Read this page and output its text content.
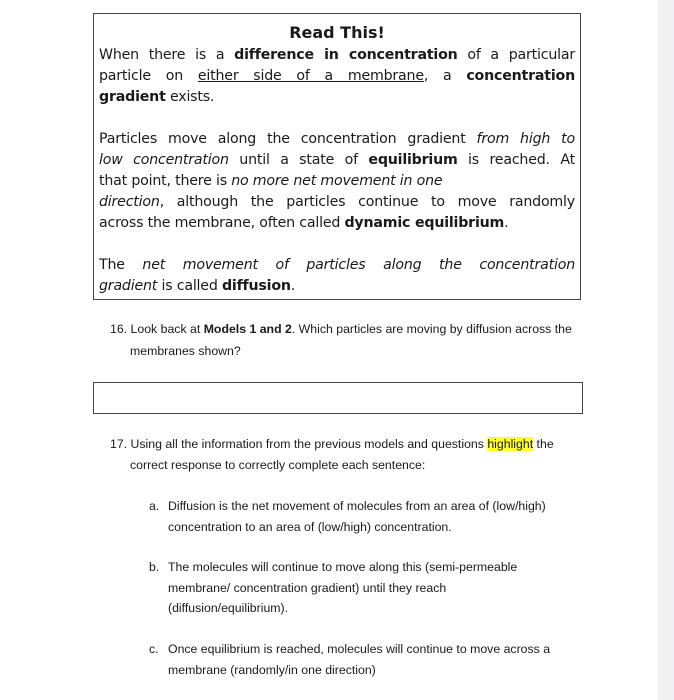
Read This!
When there is a difference in concentration of a particular
particle on either side of a membrane, a concentration
gradient exists.
Particles move along the concentration gradient from high to
low concentration until a state of equilibrium is reached. At
that point, there is no more net movement in one
direction, although the particles continue to move randomly
across the membrane, often called dynamic equilibrium.
The net movement of particles along the concentration
gradient is called diffusion.
16. Look back at Models 1 and 2. Which particles are moving by diffusion across the
membranes shown?
17. Using all the information from the previous models and questions highlight the
correct response to correctly complete each sentence:
a. Diffusion is the net movement of molecules from an area of (low/high)
concentration to an area of (low/high) concentration.
b. The molecules will continue to move along this (semi-permeable
membrane/ concentration gradient) until they reach
(diffusion/equilibrium).
c. Once equilibrium is reached, molecules will continue to move across a
membrane (randomly/in one direction)
